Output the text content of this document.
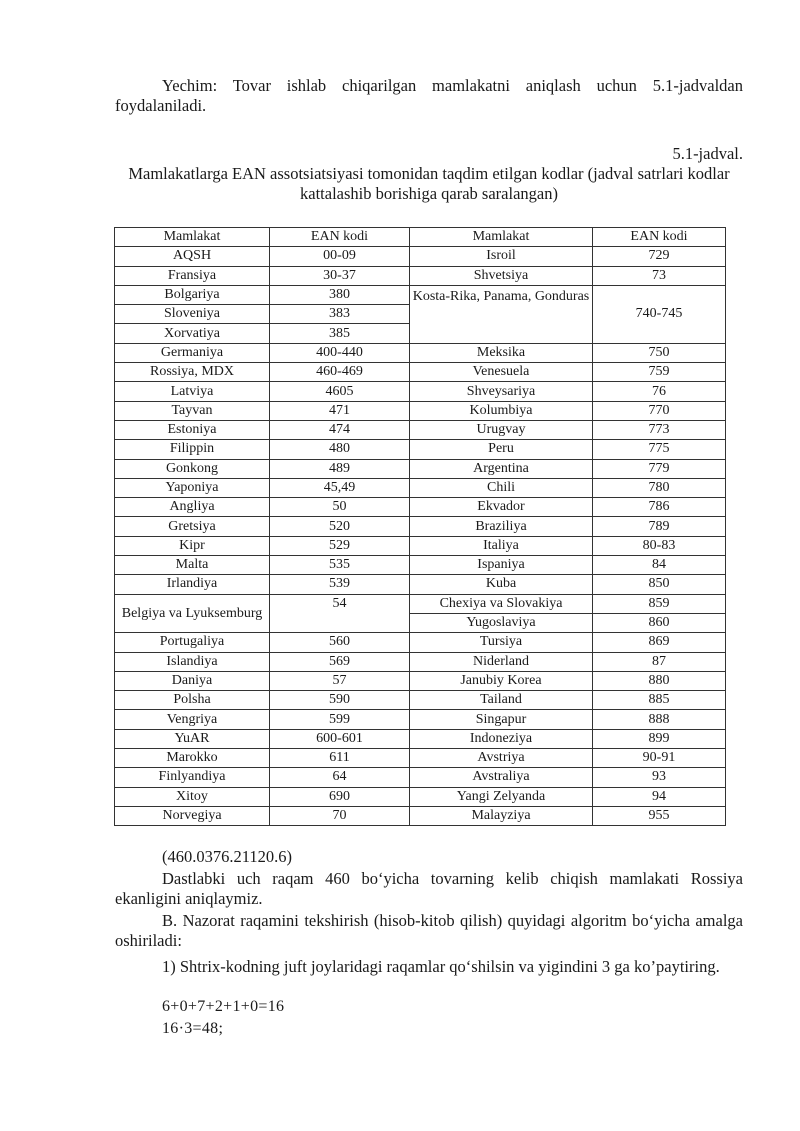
Yechim: Tovar ishlab chiqarilgan mamlakatni aniqlash uchun 5.1-jadvaldan foydalaniladi.

5.1-jadval.

Mamlakatlarga EAN assotsiatsiyasi tomonidan taqdim etilgan kodlar (jadval satrlari kodlar kattalashib borishiga qarab saralangan)

Mamlakat	EAN kodi	Mamlakat	EAN kodi
AQSH	00-09	Isroil	729
Fransiya	30-37	Shvetsiya	73
Bolgariya	380	Kosta-Rika, Panama, Gonduras	740-745
Sloveniya	383		
Xorvatiya	385		
Germaniya	400-440	Meksika	750
Rossiya, MDX	460-469	Venesuela	759
Latviya	4605	Shveysariya	76
Tayvan	471	Kolumbiya	770
Estoniya	474	Urugvay	773
Filippin	480	Peru	775
Gonkong	489	Argentina	779
Yaponiya	45,49	Chili	780
Angliya	50	Ekvador	786
Gretsiya	520	Braziliya	789
Kipr	529	Italiya	80-83
Malta	535	Ispaniya	84
Irlandiya	539	Kuba	850
Belgiya va Lyuksemburg	54	Chexiya va Slovakiya	859
		Yugoslaviya	860
Portugaliya	560	Tursiya	869
Islandiya	569	Niderland	87
Daniya	57	Janubiy Korea	880
Polsha	590	Tailand	885
Vengriya	599	Singapur	888
YuAR	600-601	Indoneziya	899
Marokko	611	Avstriya	90-91
Finlyandiya	64	Avstraliya	93
Xitoy	690	Yangi Zelyanda	94
Norvegiya	70	Malayziya	955

(460.0376.21120.6)

Dastlabki uch raqam 460 bo‘yicha tovarning kelib chiqish mamlakati Rossiya ekanligini aniqlaymiz.

B. Nazorat raqamini tekshirish (hisob-kitob qilish) quyidagi algoritm bo‘yicha amalga oshiriladi:

1) Shtrix-kodning juft joylaridagi raqamlar qo‘shilsin va yigindini 3 ga ko’paytiring.

6+0+7+2+1+0=16

16·3=48;
